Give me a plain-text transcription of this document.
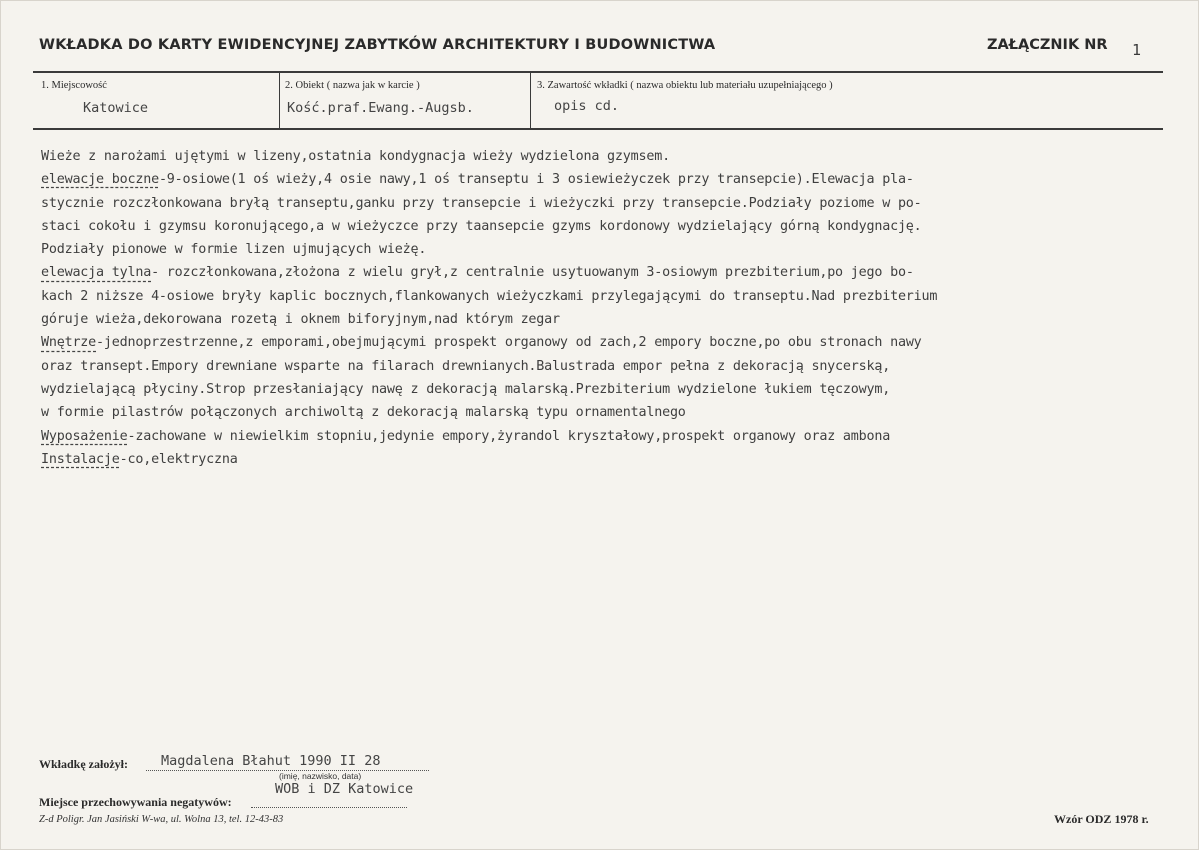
WKŁADKA DO KARTY EWIDENCYJNEJ ZABYTKÓW ARCHITEKTURY I BUDOWNICTWA	ZAŁĄCZNIK NR 1
1. Miejscowość
Katowice
2. Obiekt ( nazwa jak w karcie )
Kość.praf.Ewang.-Augsb.
3. Zawartość wkładki ( nazwa obiektu lub materiału uzupełniającego )
opis cd.
Wieże z narożami ujętymi w lizeny,ostatnia kondygnacja wieży wydzielona gzymsem.
elewacje boczne-9-osiowe(1 oś wieży,4 osie nawy,1 oś transeptu i 3 osiewieżyczek przy transepcie).Elewacja pla-
stycznie rozczłonkowana bryłą transeptu,ganku przy transepcie i wieżyczki przy transepcie.Podziały poziome w po-
staci cokołu i gzymsu koronującego,a w wieżyczce przy taansepcie gzyms kordonowy wydzielający górną kondygnację.
Podziały pionowe w formie lizen ujmujących wieżę.
elewacja tylna- rozczłonkowana,złożona z wielu grył,z centralnie usytuowanym 3-osiowym prezbiterium,po jego bo-
kach 2 niższe 4-osiowe bryły kaplic bocznych,flankowanych wieżyczkami przylegającymi do transeptu.Nad prezbiterium
góruje wieża,dekorowana rozetą i oknem biforyjnym,nad którym zegar
Wnętrze-jednoprzestrzenne,z emporami,obejmującymi prospekt organowy od zach,2 empory boczne,po obu stronach nawy
oraz transept.Empory drewniane wsparte na filarach drewnianych.Balustrada empor pełna z dekoracją snycerską,
wydzielającą płyciny.Strop przesłaniający nawę z dekoracją malarską.Prezbiterium wydzielone łukiem tęczowym,
w formie pilastrów połączonych archiwoltą z dekoracją malarską typu ornamentalnego
Wyposażenie-zachowane w niewielkim stopniu,jedynie empory,żyrandol kryształowy,prospekt organowy oraz ambona
Instalacje-co,elektryczna
Wkładkę założył: Magdalena Błahut 1990 II 28
(imię, nazwisko, data)
Miejsce przechowywania negatywów:
WOB i DZ Katowice
Z-d Poligr. Jan Jasiński W-wa, ul. Wolna 13, tel. 12-43-83	Wzór ODZ 1978 r.
